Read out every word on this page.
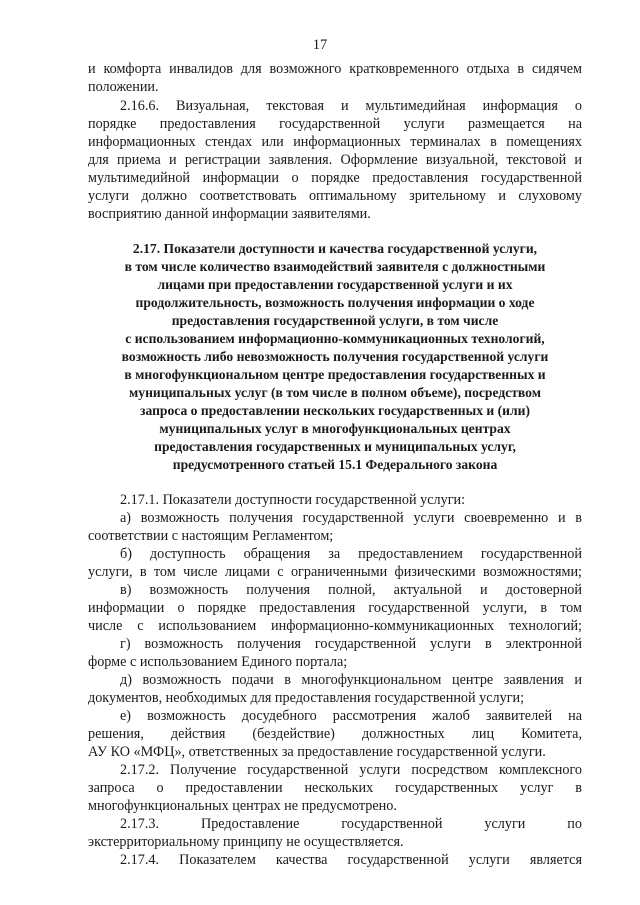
17
и комфорта инвалидов для возможного кратковременного отдыха в сидячем
положении.
2.16.6. Визуальная, текстовая и мультимедийная информация о
порядке предоставления государственной услуги размещается на
информационных стендах или информационных терминалах в помещениях
для приема и регистрации заявления. Оформление визуальной, текстовой и
мультимедийной информации о порядке предоставления государственной
услуги должно соответствовать оптимальному зрительному и слуховому
восприятию данной информации заявителями.
2.17. Показатели доступности и качества государственной услуги,
в том числе количество взаимодействий заявителя с должностными
лицами при предоставлении государственной услуги и их
продолжительность, возможность получения информации о ходе
предоставления государственной услуги, в том числе
с использованием информационно-коммуникационных технологий,
возможность либо невозможность получения государственной услуги
в многофункциональном центре предоставления государственных и
муниципальных услуг (в том числе в полном объеме), посредством
запроса о предоставлении нескольких государственных и (или)
муниципальных услуг в многофункциональных центрах
предоставления государственных и муниципальных услуг,
предусмотренного статьей 15.1 Федерального закона
2.17.1. Показатели доступности государственной услуги:
а) возможность получения государственной услуги своевременно и в
соответствии с настоящим Регламентом;
б) доступность обращения за предоставлением государственной
услуги, в том числе лицами с ограниченными физическими возможностями;
в) возможность получения полной, актуальной и достоверной
информации о порядке предоставления государственной услуги, в том
числе с использованием информационно-коммуникационных технологий;
г) возможность получения государственной услуги в электронной
форме с использованием Единого портала;
д) возможность подачи в многофункциональном центре заявления и
документов, необходимых для предоставления государственной услуги;
е) возможность досудебного рассмотрения жалоб заявителей на
решения, действия (бездействие) должностных лиц Комитета,
АУ КО «МФЦ», ответственных за предоставление государственной услуги.
2.17.2. Получение государственной услуги посредством комплексного
запроса о предоставлении нескольких государственных услуг в
многофункциональных центрах не предусмотрено.
2.17.3. Предоставление государственной услуги по
экстерриториальному принципу не осуществляется.
2.17.4. Показателем качества государственной услуги является
